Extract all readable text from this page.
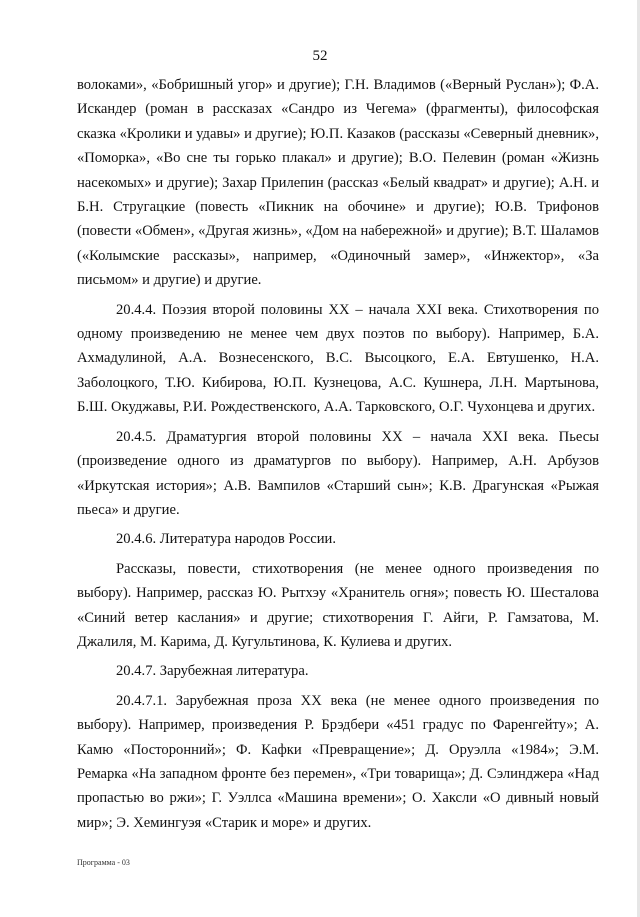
52

волоками», «Бобришный угор» и другие); Г.Н. Владимов («Верный Руслан»); Ф.А. Искандер (роман в рассказах «Сандро из Чегема» (фрагменты), философская сказка «Кролики и удавы» и другие); Ю.П. Казаков (рассказы «Северный дневник», «Поморка», «Во сне ты горько плакал» и другие); В.О. Пелевин (роман «Жизнь насекомых» и другие); Захар Прилепин (рассказ «Белый квадрат» и другие); А.Н. и Б.Н. Стругацкие (повесть «Пикник на обочине» и другие); Ю.В. Трифонов (повести «Обмен», «Другая жизнь», «Дом на набережной» и другие); В.Т. Шаламов («Колымские рассказы», например, «Одиночный замер», «Инжектор», «За письмом» и другие) и другие.

20.4.4. Поэзия второй половины XX – начала XXI века. Стихотворения по одному произведению не менее чем двух поэтов по выбору). Например, Б.А. Ахмадулиной, А.А. Вознесенского, В.С. Высоцкого, Е.А. Евтушенко, Н.А. Заболоцкого, Т.Ю. Кибирова, Ю.П. Кузнецова, А.С. Кушнера, Л.Н. Мартынова, Б.Ш. Окуджавы, Р.И. Рождественского, А.А. Тарковского, О.Г. Чухонцева и других.

20.4.5. Драматургия второй половины XX – начала XXI века. Пьесы (произведение одного из драматургов по выбору). Например, А.Н. Арбузов «Иркутская история»; А.В. Вампилов «Старший сын»; К.В. Драгунская «Рыжая пьеса» и другие.

20.4.6. Литература народов России.

Рассказы, повести, стихотворения (не менее одного произведения по выбору). Например, рассказ Ю. Рытхэу «Хранитель огня»; повесть Ю. Шесталова «Синий ветер каслания» и другие; стихотворения Г. Айги, Р. Гамзатова, М. Джалиля, М. Карима, Д. Кугультинова, К. Кулиева и других.

20.4.7. Зарубежная литература.

20.4.7.1. Зарубежная проза XX века (не менее одного произведения по выбору). Например, произведения Р. Брэдбери «451 градус по Фаренгейту»; А. Камю «Посторонний»; Ф. Кафки «Превращение»; Д. Оруэлла «1984»; Э.М. Ремарка «На западном фронте без перемен», «Три товарища»; Д. Сэлинджера «Над пропастью во ржи»; Г. Уэллса «Машина времени»; О. Хаксли «О дивный новый мир»; Э. Хемингуэя «Старик и море» и других.

Программа - 03
